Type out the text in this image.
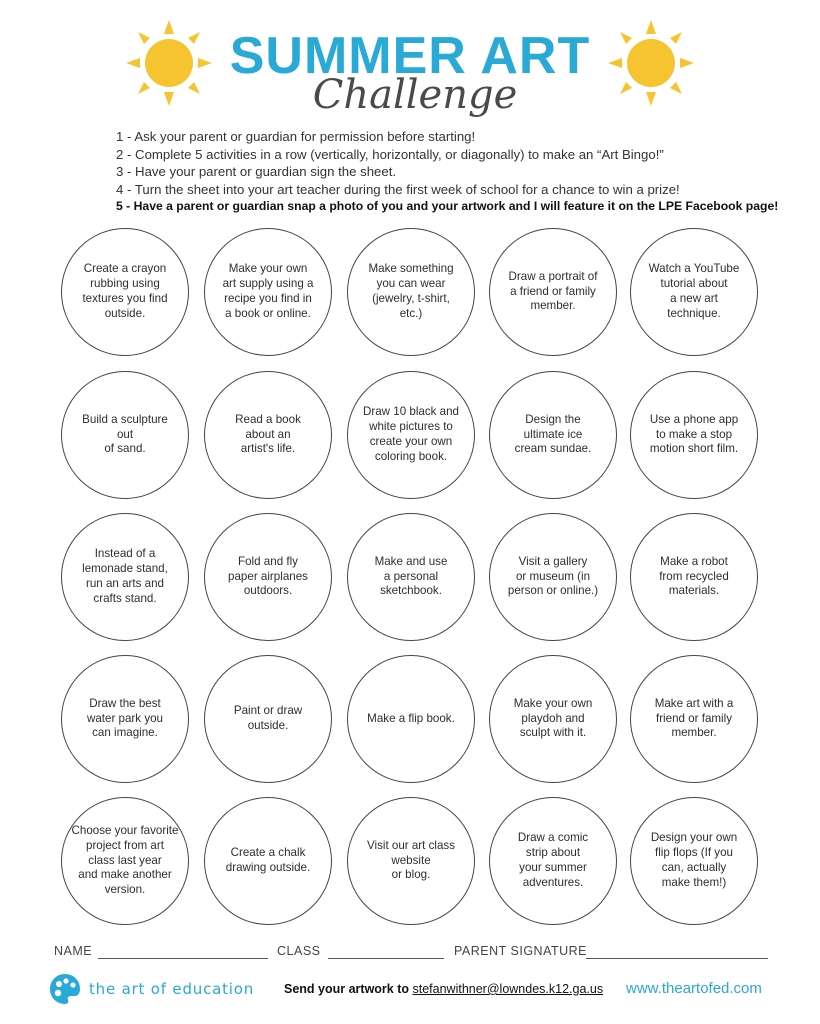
SUMMER ART
Challenge
1 - Ask your parent or guardian for permission before starting!
2 - Complete 5 activities in a row (vertically, horizontally, or diagonally) to make an “Art Bingo!”
3 - Have your parent or guardian sign the sheet.
4 - Turn the sheet into your art teacher during the first week of school for a chance to win a prize!
5 - Have a parent or guardian snap a photo of you and your artwork and I will feature it on the LPE Facebook page!
Create a crayon
rubbing using
textures you find
outside.
Make your own
art supply using a
recipe you find in
a book or online.
Make something
you can wear
(jewelry, t-shirt,
etc.)
Draw a portrait of
a friend or family
member.
Watch a YouTube
tutorial about
a new art
technique.
Build a sculpture
out
of sand.
Read a book
about an
artist's life.
Draw 10 black and
white pictures to
create your own
coloring book.
Design the
ultimate ice
cream sundae.
Use a phone app
to make a stop
motion short film.
Instead of a
lemonade stand,
run an arts and
crafts stand.
Fold and fly
paper airplanes
outdoors.
Make and use
a personal
sketchbook.
Visit a gallery
or museum (in
person or online.)
Make a robot
from recycled
materials.
Draw the best
water park you
can imagine.
Paint or draw
outside.
Make a flip book.
Make your own
playdoh and
sculpt with it.
Make art with a
friend or family
member.
Choose your favorite
project from art
class last year
and make another
version.
Create a chalk
drawing outside.
Visit our art class
website
or blog.
Draw a comic
strip about
your summer
adventures.
Design your own
flip flops (If you
can, actually
make them!)
NAME	CLASS	PARENT SIGNATURE
the art of education Send your artwork to stefanwithner@lowndes.k12.ga.us www.theartofed.com
